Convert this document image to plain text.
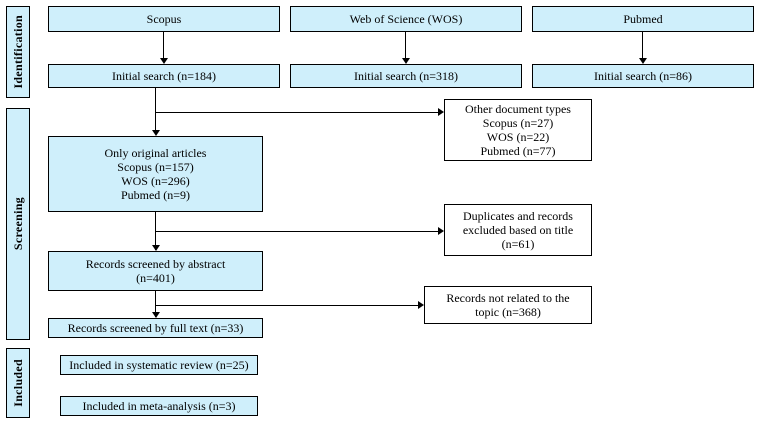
Identification
Screening
Included
Scopus	Web of Science (WOS)	Pubmed
Initial search (n=184)	Initial search (n=318)	Initial search (n=86)
Other document types
Scopus (n=27)
WOS (n=22)
Pubmed (n=77)
Only original articles
Scopus (n=157)
WOS (n=296)
Pubmed (n=9)
Duplicates and records
excluded based on title
(n=61)
Records screened by abstract
(n=401)
Records not related to the
topic (n=368)
Records screened by full text (n=33)
Included in systematic review (n=25)
Included in meta-analysis (n=3)
